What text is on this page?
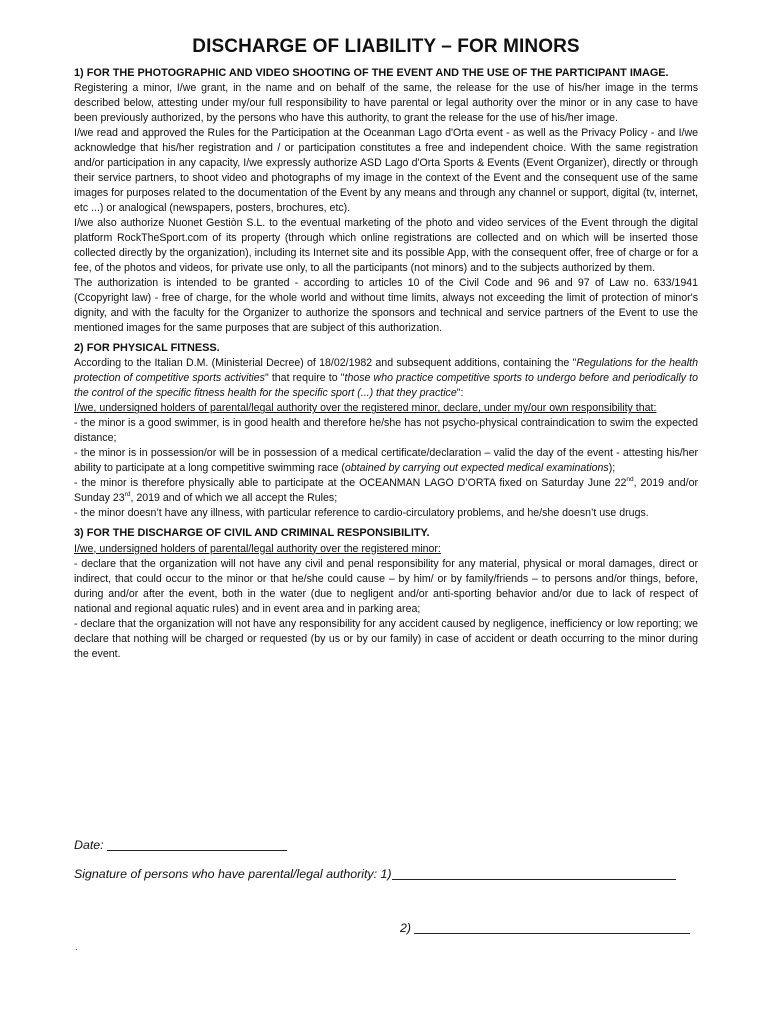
DISCHARGE OF LIABILITY – FOR MINORS

1) FOR THE PHOTOGRAPHIC AND VIDEO SHOOTING OF THE EVENT AND THE USE OF THE PARTICIPANT IMAGE.

Registering a minor, I/we grant, in the name and on behalf of the same, the release for the use of his/her image in the terms described below, attesting under my/our full responsibility to have parental or legal authority over the minor or in any case to have been previously authorized, by the persons who have this authority, to grant the release for the use of his/her image.

I/we read and approved the Rules for the Participation at the Oceanman Lago d'Orta event - as well as the Privacy Policy - and I/we acknowledge that his/her registration and / or participation constitutes a free and independent choice. With the same registration and/or participation in any capacity, I/we expressly authorize ASD Lago d'Orta Sports & Events (Event Organizer), directly or through their service partners, to shoot video and photographs of my image in the context of the Event and the consequent use of the same images for purposes related to the documentation of the Event by any means and through any channel or support, digital (tv, internet, etc ...) or analogical (newspapers, posters, brochures, etc).

I/we also authorize Nuonet Gestiòn S.L. to the eventual marketing of the photo and video services of the Event through the digital platform RockTheSport.com of its property (through which online registrations are collected and on which will be inserted those collected directly by the organization), including its Internet site and its possible App, with the consequent offer, free of charge or for a fee, of the photos and videos, for private use only, to all the participants (not minors) and to the subjects authorized by them.

The authorization is intended to be granted - according to articles 10 of the Civil Code and 96 and 97 of Law no. 633/1941 (Ccopyright law) - free of charge, for the whole world and without time limits, always not exceeding the limit of protection of minor's dignity, and with the faculty for the Organizer to authorize the sponsors and technical and service partners of the Event to use the mentioned images for the same purposes that are subject of this authorization.

2) FOR PHYSICAL FITNESS.

According to the Italian D.M. (Ministerial Decree) of 18/02/1982 and subsequent additions, containing the "Regulations for the health protection of competitive sports activities" that require to "those who practice competitive sports to undergo before and periodically to the control of the specific fitness health for the specific sport (...) that they practice":

I/we, undersigned holders of parental/legal authority over the registered minor, declare, under my/our own responsibility that:

- the minor is a good swimmer, is in good health and therefore he/she has not psycho-physical contraindication to swim the expected distance;

- the minor is in possession/or will be in possession of a medical certificate/declaration – valid the day of the event - attesting his/her ability to participate at a long competitive swimming race (obtained by carrying out expected medical examinations);

- the minor is therefore physically able to participate at the OCEANMAN LAGO D’ORTA fixed on Saturday June 22nd, 2019 and/or Sunday 23rd, 2019 and of which we all accept the Rules;

- the minor doesn’t have any illness, with particular reference to cardio-circulatory problems, and he/she doesn’t use drugs.

3) FOR THE DISCHARGE OF CIVIL AND CRIMINAL RESPONSIBILITY.

I/we, undersigned holders of parental/legal authority over the registered minor:

- declare that the organization will not have any civil and penal responsibility for any material, physical or moral damages, direct or indirect, that could occur to the minor or that he/she could cause – by him/ or by family/friends – to persons and/or things, before, during and/or after the event, both in the water (due to negligent and/or anti-sporting behavior and/or due to lack of respect of national and regional aquatic rules) and in event area and in parking area;

- declare that the organization will not have any responsibility for any accident caused by negligence, inefficiency or low reporting; we declare that nothing will be charged or requested (by us or by our family) in case of accident or death occurring to the minor during the event.

Date:
Signature of persons who have parental/legal authority: 1)
2)
.
